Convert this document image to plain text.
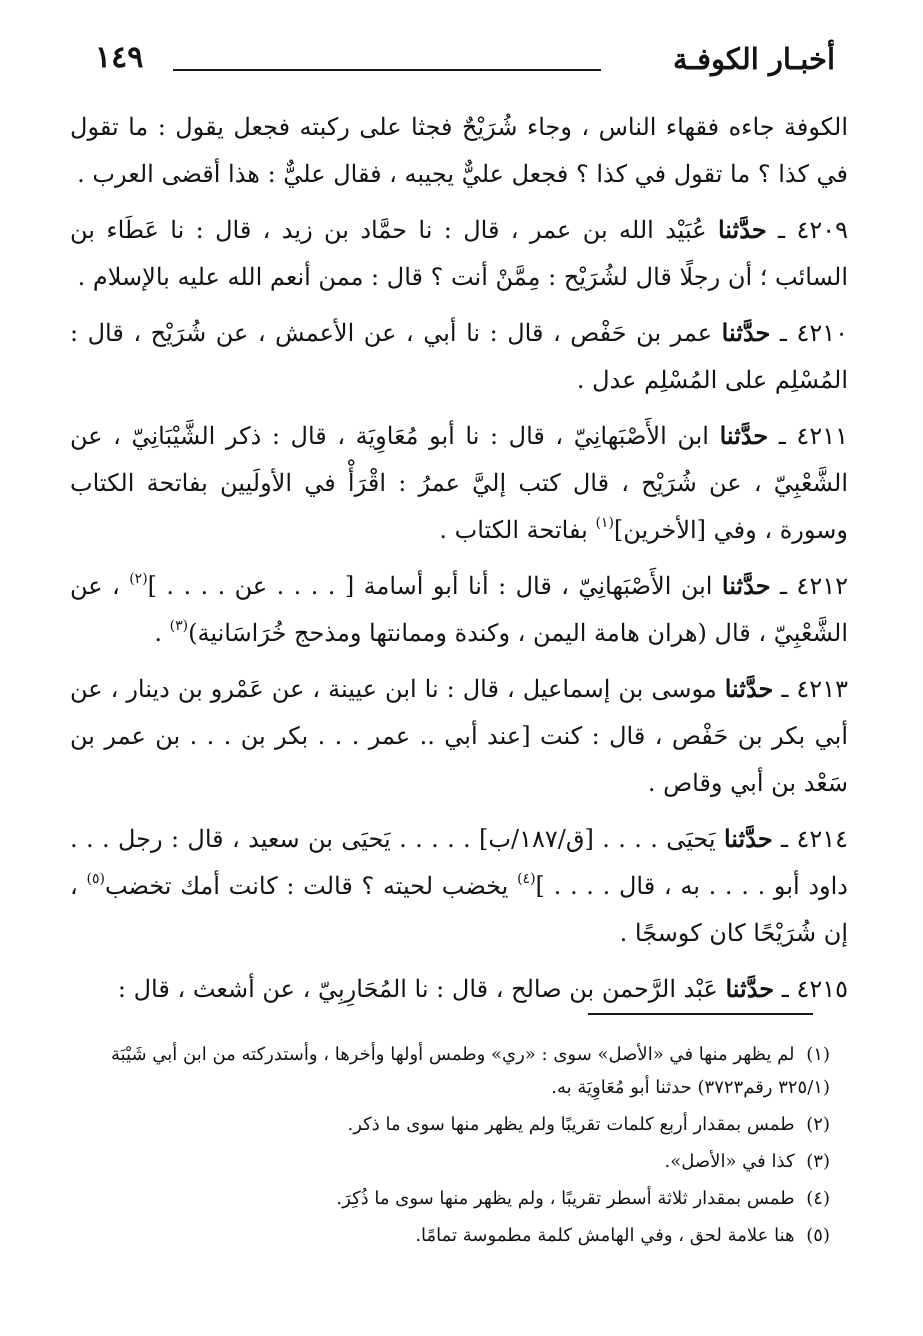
أخبـار الكوفـة
١٤٩

الكوفة جاءه فقهاء الناس ، وجاء شُرَيْحٌ فجثا على ركبته فجعل يقول : ما تقول في كذا ؟ ما تقول في كذا ؟ فجعل عليٌّ يجيبه ، فقال عليٌّ : هذا أقضى العرب .

٤٢٠٩ ـ حدَّثنا عُبَيْد الله بن عمر ، قال : نا حمَّاد بن زيد ، قال : نا عَطَاء بن السائب ؛ أن رجلًا قال لشُرَيْح : مِمَّنْ أنت ؟ قال : ممن أنعم الله عليه بالإسلام .

٤٢١٠ ـ حدَّثنا عمر بن حَفْص ، قال : نا أبي ، عن الأعمش ، عن شُرَيْح ، قال : المُسْلِم على المُسْلِم عدل .

٤٢١١ ـ حدَّثنا ابن الأَصْبَهانِيّ ، قال : نا أبو مُعَاوِيَة ، قال : ذكر الشَّيْبَانِيّ ، عن الشَّعْبِيّ ، عن شُرَيْح ، قال كتب إليَّ عمرُ : اقْرَأْ في الأولَيين بفاتحة الكتاب وسورة ، وفي [الأخرين]$^{(١)}$ بفاتحة الكتاب .

٤٢١٢ ـ حدَّثنا ابن الأَصْبَهانِيّ ، قال : أنا أبو أسامة [ . . . . عن . . . . ]$^{(٢)}$ ، عن الشَّعْبِيّ ، قال (هران هامة اليمن ، وكندة وممانتها ومذحج خُرَاسَانية)$^{(٣)}$ .

٤٢١٣ ـ حدَّثنا موسى بن إسماعيل ، قال : نا ابن عيينة ، عن عَمْرو بن دينار ، عن أبي بكر بن حَفْص ، قال : كنت [عند أبي .. عمر . . . بكر بن . . . بن عمر بن سَعْد بن أبي وقاص .

٤٢١٤ ـ حدَّثنا يَحيَى . . . . [ق/١٨٧/ب] . . . . . يَحيَى بن سعيد ، قال : رجل . . . داود أبو . . . . به ، قال . . . . ]$^{(٤)}$ يخضب لحيته ؟ قالت : كانت أمك تخضب$^{(٥)}$ ، إن شُرَيْحًا كان كوسجًا .

٤٢١٥ ـ حدَّثنا عَبْد الرَّحمن بن صالح ، قال : نا المُحَارِبِيّ ، عن أشعث ، قال :

(١) لم يظهر منها في «الأصل» سوى : «ري» وطمس أولها وأخرها ، وأستدركته من ابن أبي شَيْبَة (٣٢٥/١ رقم٣٧٢٣) حدثنا أبو مُعَاوِيَة به.

(٢) طمس بمقدار أربع كلمات تقريبًا ولم يظهر منها سوى ما ذكر.

(٣) كذا في «الأصل».

(٤) طمس بمقدار ثلاثة أسطر تقريبًا ، ولم يظهر منها سوى ما ذُكِرَ.

(٥) هنا علامة لحق ، وفي الهامش كلمة مطموسة تمامًا.
